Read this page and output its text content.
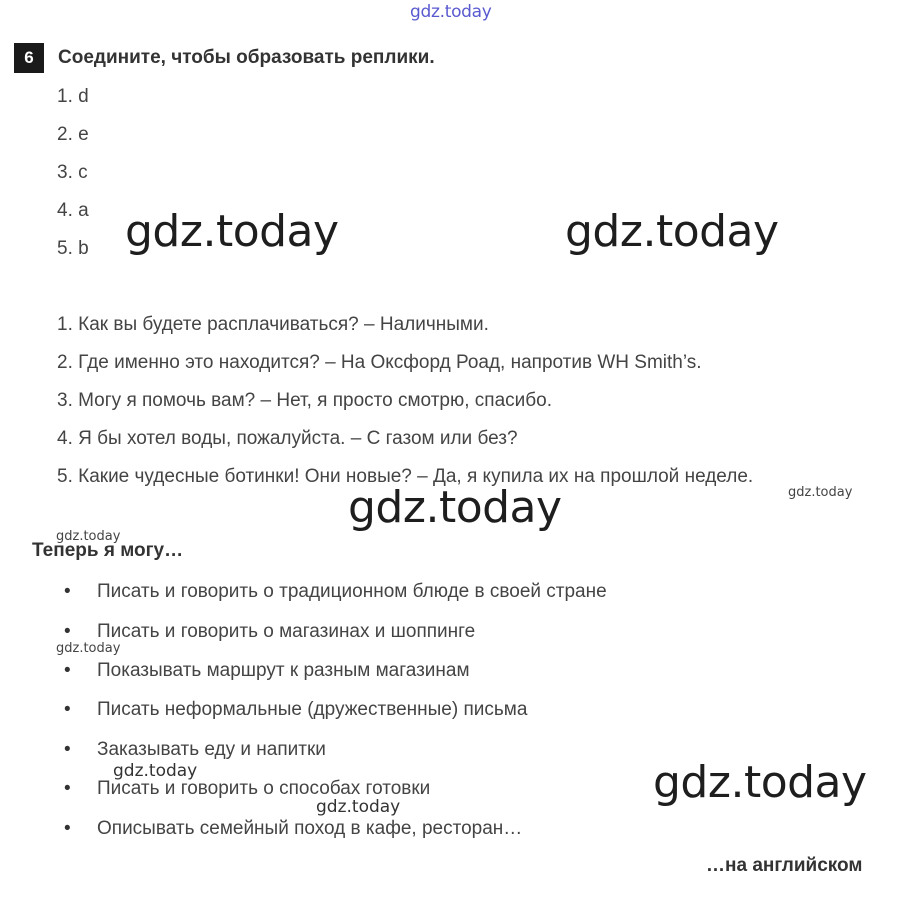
gdz.today
6	Соедините, чтобы образовать реплики.
1. d
2. e
3. c
4. a
5. b gdz.today	gdz.today
1. Как вы будете расплачиваться? – Наличными.
2. Где именно это находится? – На Оксфорд Роад, напротив WH Smith’s.
3. Могу я помочь вам? – Нет, я просто смотрю, спасибо.
4. Я бы хотел воды, пожалуйста. – С газом или без?
5. Какие чудесные ботинки! Они новые? – Да, я купила их на прошлой неделе.
gdz.today
gdz.today
gdz.today
Теперь я могу…
• Писать и говорить о традиционном блюде в своей стране
• Писать и говорить о магазинах и шоппинге
• Показывать маршрут к разным магазинам
• Писать неформальные (дружественные) письма
• Заказывать еду и напитки
• Писать и говорить о способах готовки
• Описывать семейный поход в кафе, ресторан…
gdz.today
gdz.today
gdz.today	gdz.today
…на английском
